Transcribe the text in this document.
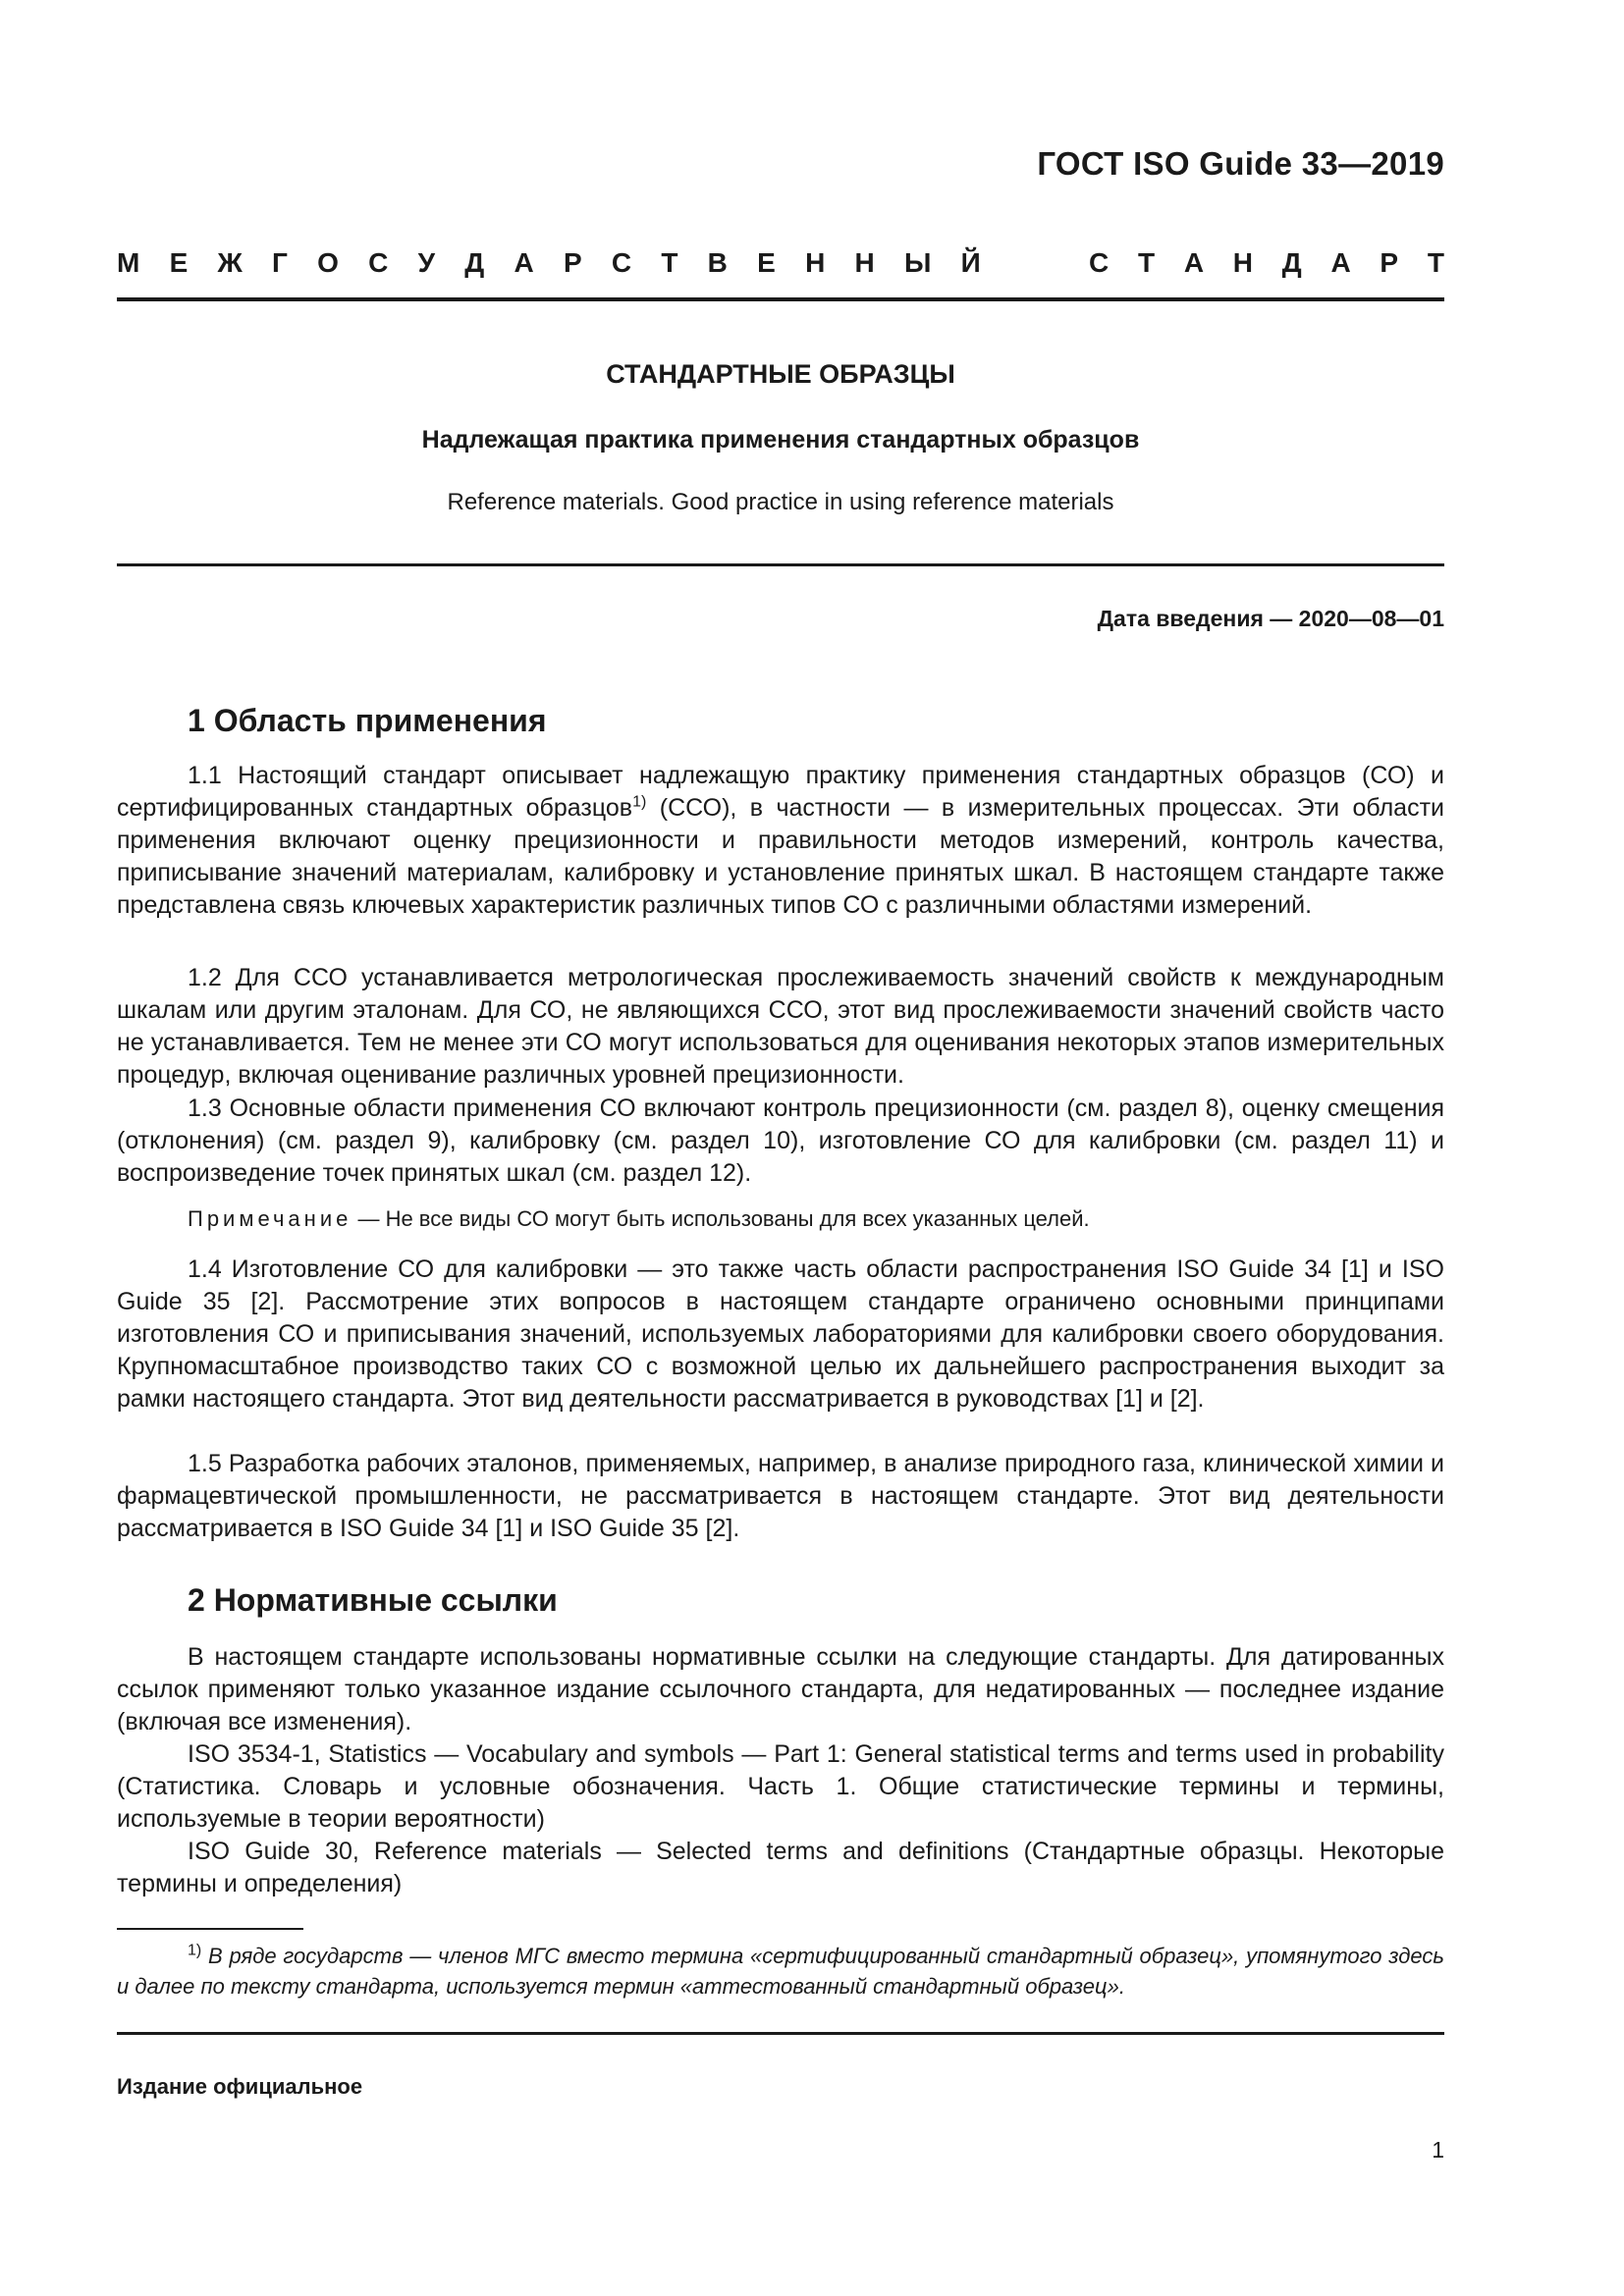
ГОСТ ISO Guide 33—2019
М Е Ж Г О С У Д А Р С Т В Е Н Н Ы Й	С Т А Н Д А Р Т
СТАНДАРТНЫЕ ОБРАЗЦЫ
Надлежащая практика применения стандартных образцов
Reference materials. Good practice in using reference materials
Дата введения — 2020—08—01
1 Область применения

1.1 Настоящий стандарт описывает надлежащую практику применения стандартных образцов (СО) и сертифицированных стандартных образцов$^{1)}$ (ССО), в частности — в измерительных процессах. Эти области применения включают оценку прецизионности и правильности методов измерений, контроль качества, приписывание значений материалам, калибровку и установление принятых шкал. В настоящем стандарте также представлена связь ключевых характеристик различных типов СО с различными областями измерений.

1.2 Для ССО устанавливается метрологическая прослеживаемость значений свойств к международным шкалам или другим эталонам. Для СО, не являющихся ССО, этот вид прослеживаемости значений свойств часто не устанавливается. Тем не менее эти СО могут использоваться для оценивания некоторых этапов измерительных процедур, включая оценивание различных уровней прецизионности.

1.3 Основные области применения СО включают контроль прецизионности (см. раздел 8), оценку смещения (отклонения) (см. раздел 9), калибровку (см. раздел 10), изготовление СО для калибровки (см. раздел 11) и воспроизведение точек принятых шкал (см. раздел 12).

Примечание — Не все виды СО могут быть использованы для всех указанных целей.

1.4 Изготовление СО для калибровки — это также часть области распространения ISO Guide 34 [1] и ISO Guide 35 [2]. Рассмотрение этих вопросов в настоящем стандарте ограничено основными принципами изготовления СО и приписывания значений, используемых лабораториями для калибровки своего оборудования. Крупномасштабное производство таких СО с возможной целью их дальнейшего распространения выходит за рамки настоящего стандарта. Этот вид деятельности рассматривается в руководствах [1] и [2].

1.5 Разработка рабочих эталонов, применяемых, например, в анализе природного газа, клинической химии и фармацевтической промышленности, не рассматривается в настоящем стандарте. Этот вид деятельности рассматривается в ISO Guide 34 [1] и ISO Guide 35 [2].

2 Нормативные ссылки

В настоящем стандарте использованы нормативные ссылки на следующие стандарты. Для датированных ссылок применяют только указанное издание ссылочного стандарта, для недатированных — последнее издание (включая все изменения).

ISO 3534-1, Statistics — Vocabulary and symbols — Part 1: General statistical terms and terms used in probability (Статистика. Словарь и условные обозначения. Часть 1. Общие статистические термины и термины, используемые в теории вероятности)

ISO Guide 30, Reference materials — Selected terms and definitions (Стандартные образцы. Некоторые термины и определения)

$^{1)}$ В ряде государств — членов МГС вместо термина «сертифицированный стандартный образец», упомянутого здесь и далее по тексту стандарта, используется термин «аттестованный стандартный образец».

Издание официальное
1
